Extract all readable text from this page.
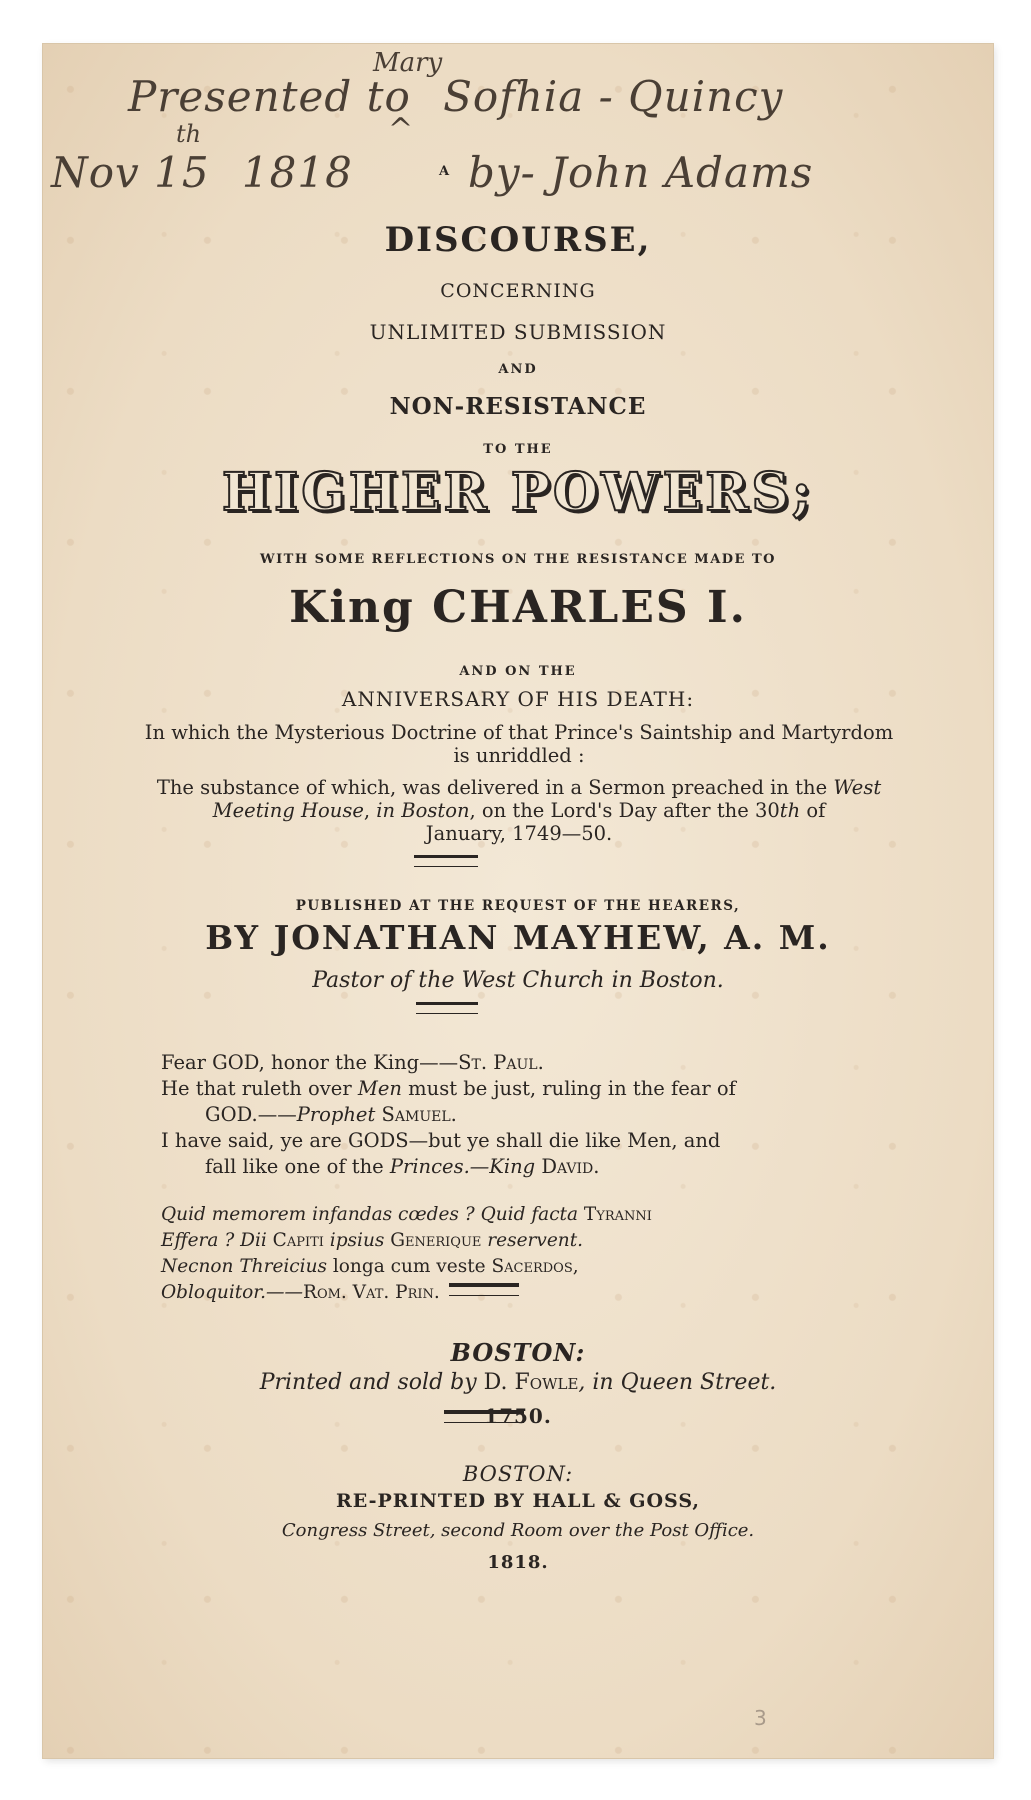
Mary
Presented to Sofhia - Quincy
^
th
Nov 15 1818	by- John Adams
A
DISCOURSE,
CONCERNING
UNLIMITED SUBMISSION
AND
NON-RESISTANCE
TO THE
HIGHER POWERS;
WITH SOME REFLECTIONS ON THE RESISTANCE MADE TO
King CHARLES I.
AND ON THE
ANNIVERSARY OF HIS DEATH:
In which the Mysterious Doctrine of that Prince's Saintship and Martyrdom
is unriddled :
The substance of which, was delivered in a Sermon preached in the West
Meeting House, in Boston, on the Lord's Day after the 30th of
January, 1749—50.
PUBLISHED AT THE REQUEST OF THE HEARERS,
BY JONATHAN MAYHEW, A. M.
Pastor of the West Church in Boston.
Fear GOD, honor the King——St. Paul.
He that ruleth over Men must be just, ruling in the fear of
GOD.——Prophet Samuel.
I have said, ye are GODS—but ye shall die like Men, and
fall like one of the Princes.—King David.
Quid memorem infandas cœdes ? Quid facta Tyranni
Effera ? Dii Capiti ipsius Generique reservent.
Necnon Threicius longa cum veste Sacerdos,
Obloquitor.——Rom. Vat. Prin.
BOSTON:
Printed and sold by D. Fowle, in Queen Street.
1750.
BOSTON:
RE-PRINTED BY HALL & GOSS,
Congress Street, second Room over the Post Office.
1818.
3
